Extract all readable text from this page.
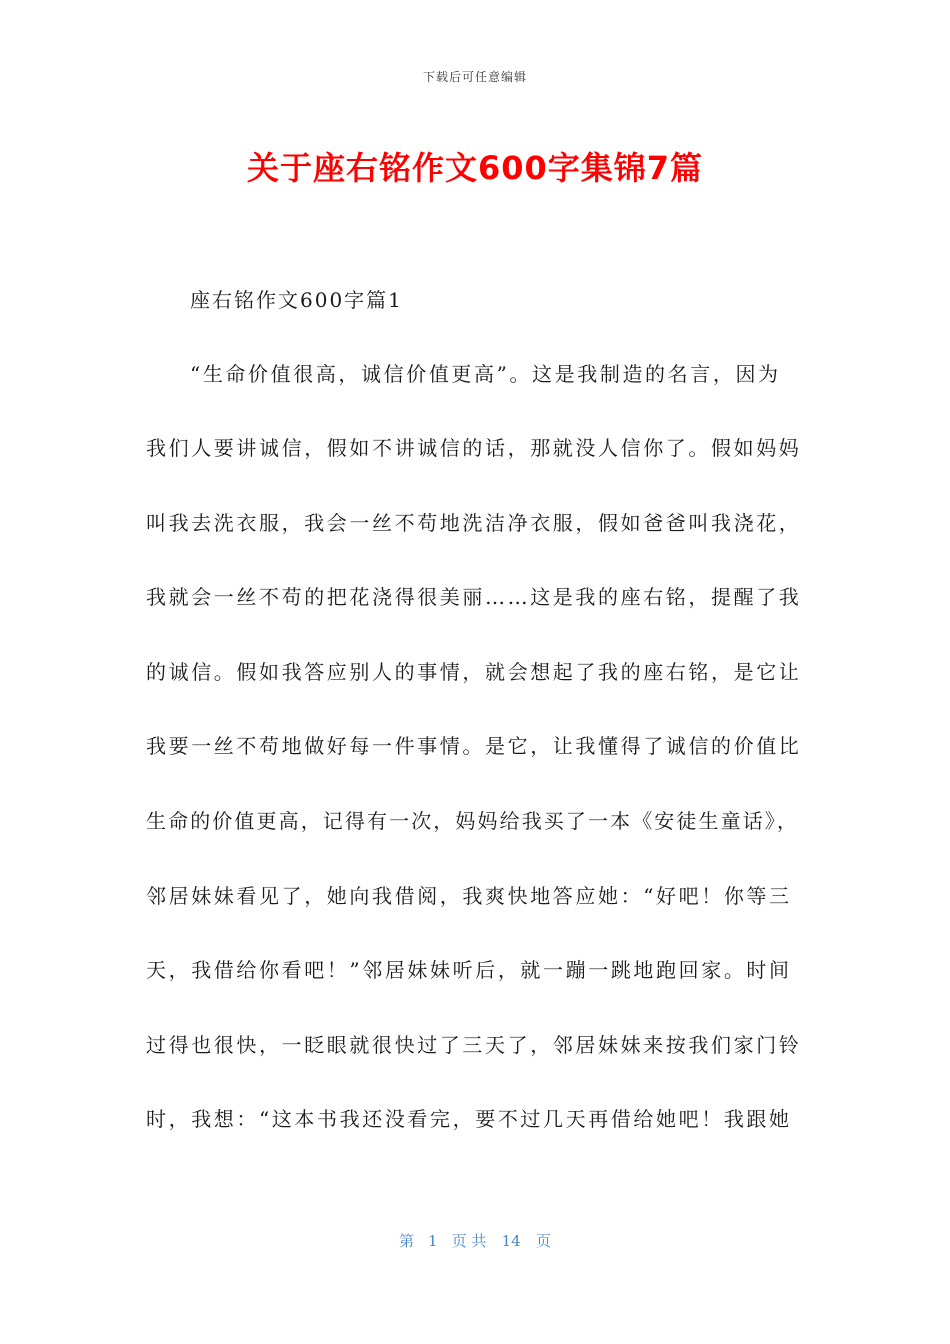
下载后可任意编辑
关于座右铭作文600字集锦7篇
座右铭作文600字篇1
“生命价值很高，诚信价值更高”。这是我制造的名言，因为
我们人要讲诚信，假如不讲诚信的话，那就没人信你了。假如妈妈
叫我去洗衣服，我会一丝不苟地洗洁净衣服，假如爸爸叫我浇花，
我就会一丝不苟的把花浇得很美丽……这是我的座右铭，提醒了我
的诚信。假如我答应别人的事情，就会想起了我的座右铭，是它让
我要一丝不苟地做好每一件事情。是它，让我懂得了诚信的价值比
生命的价值更高，记得有一次，妈妈给我买了一本《安徒生童话》，
邻居妹妹看见了，她向我借阅，我爽快地答应她：“好吧！你等三
天，我借给你看吧！”邻居妹妹听后，就一蹦一跳地跑回家。时间
过得也很快，一眨眼就很快过了三天了，邻居妹妹来按我们家门铃
时，我想：“这本书我还没看完，要不过几天再借给她吧！我跟她
第 1 页 共 14 页
